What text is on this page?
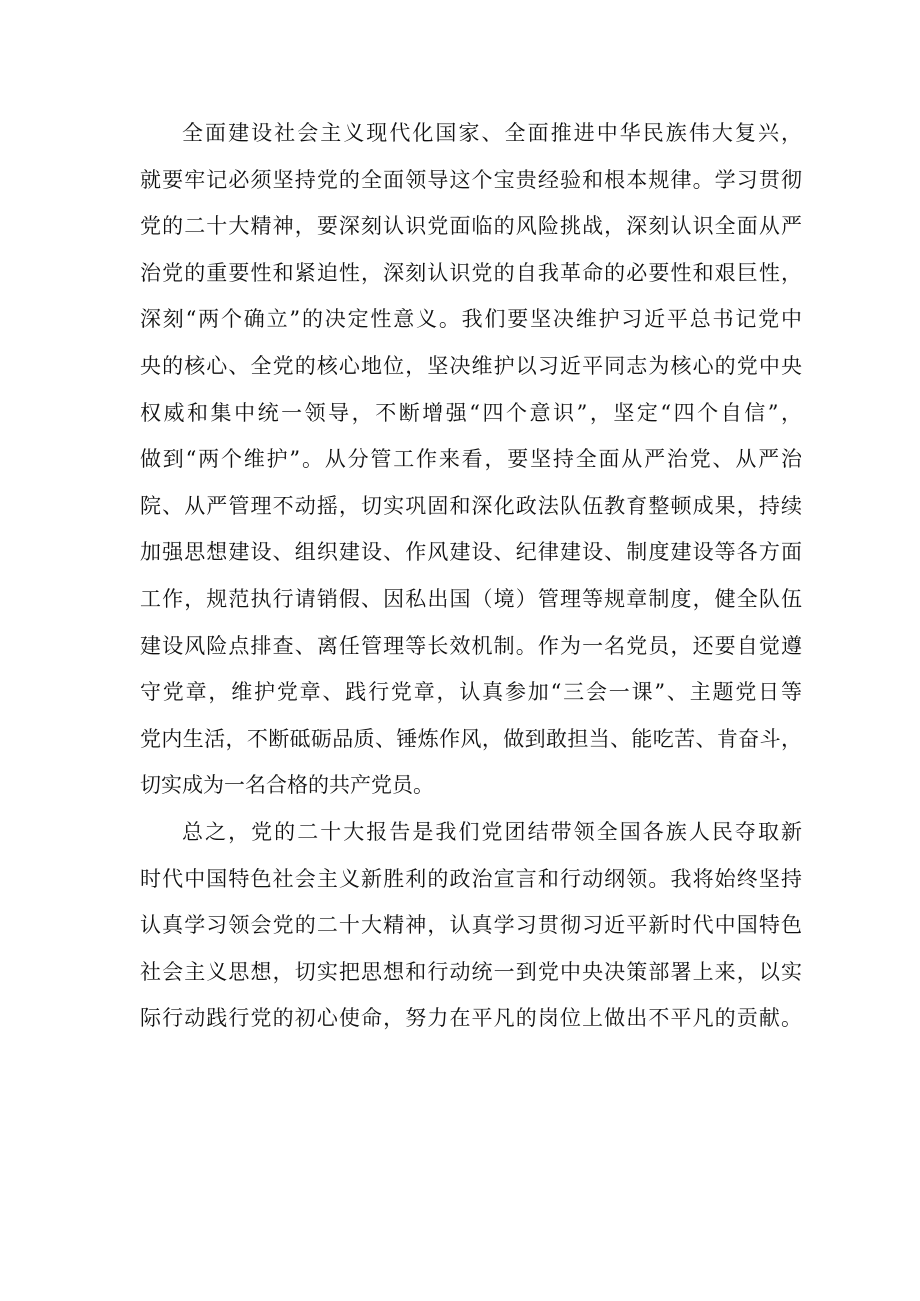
全面建设社会主义现代化国家、全面推进中华民族伟大复兴，
就要牢记必须坚持党的全面领导这个宝贵经验和根本规律。学习贯彻
党的二十大精神，要深刻认识党面临的风险挑战，深刻认识全面从严
治党的重要性和紧迫性，深刻认识党的自我革命的必要性和艰巨性，
深刻“两个确立”的决定性意义。我们要坚决维护习近平总书记党中
央的核心、全党的核心地位，坚决维护以习近平同志为核心的党中央
权威和集中统一领导，不断增强“四个意识”，坚定“四个自信”，
做到“两个维护”。从分管工作来看，要坚持全面从严治党、从严治
院、从严管理不动摇，切实巩固和深化政法队伍教育整顿成果，持续
加强思想建设、组织建设、作风建设、纪律建设、制度建设等各方面
工作，规范执行请销假、因私出国（境）管理等规章制度，健全队伍
建设风险点排查、离任管理等长效机制。作为一名党员，还要自觉遵
守党章，维护党章、践行党章，认真参加“三会一课”、主题党日等
党内生活，不断砥砺品质、锤炼作风，做到敢担当、能吃苦、肯奋斗，
切实成为一名合格的共产党员。
总之，党的二十大报告是我们党团结带领全国各族人民夺取新
时代中国特色社会主义新胜利的政治宣言和行动纲领。我将始终坚持
认真学习领会党的二十大精神，认真学习贯彻习近平新时代中国特色
社会主义思想，切实把思想和行动统一到党中央决策部署上来，以实
际行动践行党的初心使命，努力在平凡的岗位上做出不平凡的贡献。
